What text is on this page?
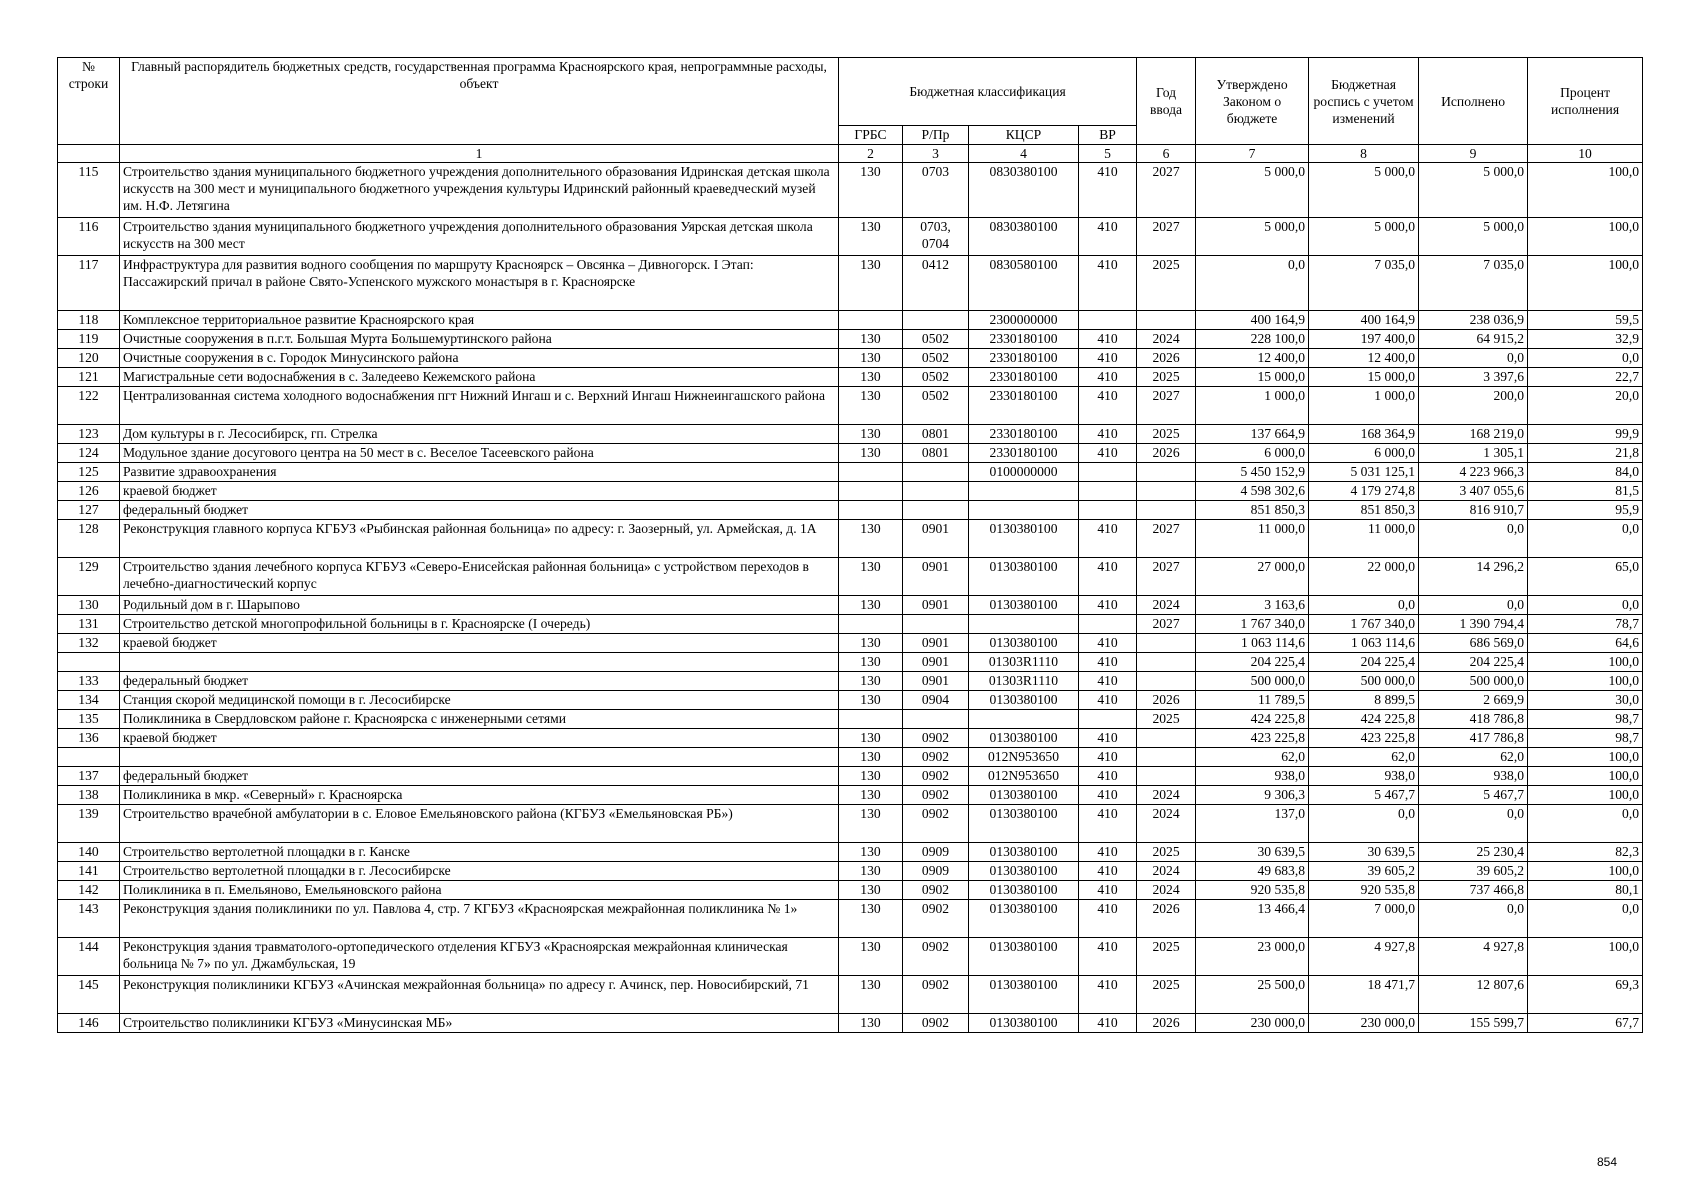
№ строки	Главный распорядитель бюджетных средств, государственная программа Красноярского края, непрограммные расходы, объект	Бюджетная классификация				Год ввода	Утверждено Законом о бюджете	Бюджетная роспись с учетом изменений	Исполнено	Процент исполнения
		ГРБС	Р/Пр	КЦСР	ВР					
	1	2	3	4	5	6	7	8	9	10
115	Строительство здания муниципального бюджетного учреждения дополнительного образования Идринская детская школа искусств на 300 мест и муниципального бюджетного учреждения культуры Идринский районный краеведческий музей им. Н.Ф. Летягина	130	0703	0830380100	410	2027	5 000,0	5 000,0	5 000,0	100,0
116	Строительство здания муниципального бюджетного учреждения дополнительного образования Уярская детская школа искусств на 300 мест	130	0703, 0704	0830380100	410	2027	5 000,0	5 000,0	5 000,0	100,0
117	Инфраструктура для развития водного сообщения по маршруту Красноярск – Овсянка – Дивногорск. I Этап: Пассажирский причал в районе Свято-Успенского мужского монастыря в г. Красноярске	130	0412	0830580100	410	2025	0,0	7 035,0	7 035,0	100,0
118	Комплексное территориальное развитие Красноярского края			2300000000			400 164,9	400 164,9	238 036,9	59,5
119	Очистные сооружения в п.г.т. Большая Мурта Большемуртинского района	130	0502	2330180100	410	2024	228 100,0	197 400,0	64 915,2	32,9
120	Очистные сооружения в с. Городок Минусинского района	130	0502	2330180100	410	2026	12 400,0	12 400,0	0,0	0,0
121	Магистральные сети водоснабжения в с. Заледеево Кежемского района	130	0502	2330180100	410	2025	15 000,0	15 000,0	3 397,6	22,7
122	Централизованная система холодного водоснабжения пгт Нижний Ингаш и с. Верхний Ингаш Нижнеингашского района	130	0502	2330180100	410	2027	1 000,0	1 000,0	200,0	20,0
123	Дом культуры в г. Лесосибирск, гп. Стрелка	130	0801	2330180100	410	2025	137 664,9	168 364,9	168 219,0	99,9
124	Модульное здание досугового центра на 50 мест в с. Веселое Тасеевского района	130	0801	2330180100	410	2026	6 000,0	6 000,0	1 305,1	21,8
125	Развитие здравоохранения			0100000000			5 450 152,9	5 031 125,1	4 223 966,3	84,0
126	краевой бюджет						4 598 302,6	4 179 274,8	3 407 055,6	81,5
127	федеральный бюджет						851 850,3	851 850,3	816 910,7	95,9
128	Реконструкция главного корпуса КГБУЗ «Рыбинская районная больница» по адресу: г. Заозерный, ул. Армейская, д. 1А	130	0901	0130380100	410	2027	11 000,0	11 000,0	0,0	0,0
129	Строительство здания лечебного корпуса КГБУЗ «Северо-Енисейская районная больница» с устройством переходов в лечебно-диагностический корпус	130	0901	0130380100	410	2027	27 000,0	22 000,0	14 296,2	65,0
130	Родильный дом в г. Шарыпово	130	0901	0130380100	410	2024	3 163,6	0,0	0,0	0,0
131	Строительство детской многопрофильной больницы в г. Красноярске (I очередь)					2027	1 767 340,0	1 767 340,0	1 390 794,4	78,7
132	краевой бюджет	130	0901	0130380100	410		1 063 114,6	1 063 114,6	686 569,0	64,6
		130	0901	01303R1110	410		204 225,4	204 225,4	204 225,4	100,0
133	федеральный бюджет	130	0901	01303R1110	410		500 000,0	500 000,0	500 000,0	100,0
134	Станция скорой медицинской помощи в г. Лесосибирске	130	0904	0130380100	410	2026	11 789,5	8 899,5	2 669,9	30,0
135	Поликлиника в Свердловском районе г. Красноярска с инженерными сетями					2025	424 225,8	424 225,8	418 786,8	98,7
136	краевой бюджет	130	0902	0130380100	410		423 225,8	423 225,8	417 786,8	98,7
		130	0902	012N953650	410		62,0	62,0	62,0	100,0
137	федеральный бюджет	130	0902	012N953650	410		938,0	938,0	938,0	100,0
138	Поликлиника в мкр. «Северный» г. Красноярска	130	0902	0130380100	410	2024	9 306,3	5 467,7	5 467,7	100,0
139	Строительство врачебной амбулатории в с. Еловое Емельяновского района (КГБУЗ «Емельяновская РБ»)	130	0902	0130380100	410	2024	137,0	0,0	0,0	0,0
140	Строительство вертолетной площадки в г. Канске	130	0909	0130380100	410	2025	30 639,5	30 639,5	25 230,4	82,3
141	Строительство вертолетной площадки в г. Лесосибирске	130	0909	0130380100	410	2024	49 683,8	39 605,2	39 605,2	100,0
142	Поликлиника в п. Емельяново, Емельяновского района	130	0902	0130380100	410	2024	920 535,8	920 535,8	737 466,8	80,1
143	Реконструкция здания поликлиники по ул. Павлова 4, стр. 7 КГБУЗ «Красноярская межрайонная поликлиника № 1»	130	0902	0130380100	410	2026	13 466,4	7 000,0	0,0	0,0
144	Реконструкция здания травматолого-ортопедического отделения КГБУЗ «Красноярская межрайонная клиническая больница № 7» по ул. Джамбульская, 19	130	0902	0130380100	410	2025	23 000,0	4 927,8	4 927,8	100,0
145	Реконструкция поликлиники КГБУЗ «Ачинская межрайонная больница» по адресу г. Ачинск, пер. Новосибирский, 71	130	0902	0130380100	410	2025	25 500,0	18 471,7	12 807,6	69,3
146	Строительство поликлиники КГБУЗ «Минусинская МБ»	130	0902	0130380100	410	2026	230 000,0	230 000,0	155 599,7	67,7
854
